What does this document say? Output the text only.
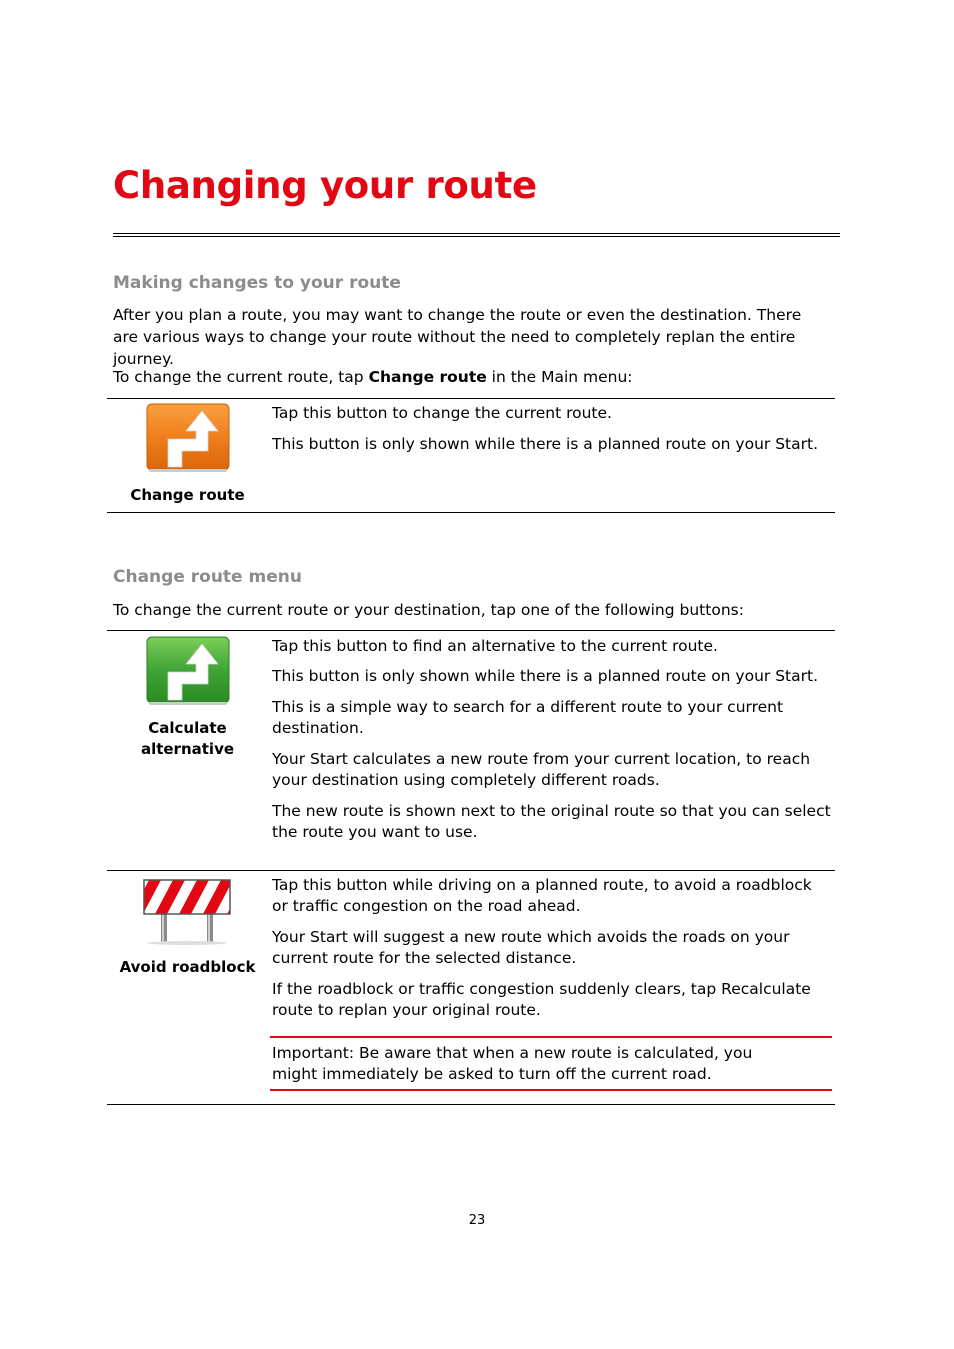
Changing your route
Making changes to your route

After you plan a route, you may want to change the route or even the destination. There are various ways to change your route without the need to completely replan the entire journey.

To change the current route, tap Change route in the Main menu:

Change route

Tap this button to change the current route.

This button is only shown while there is a planned route on your Start.

Change route menu

To change the current route or your destination, tap one of the following buttons:

Calculate alternative

Tap this button to find an alternative to the current route.

This button is only shown while there is a planned route on your Start.

This is a simple way to search for a different route to your current destination.

Your Start calculates a new route from your current location, to reach your destination using completely different roads.

The new route is shown next to the original route so that you can select the route you want to use.

Avoid roadblock

Tap this button while driving on a planned route, to avoid a roadblock or traffic congestion on the road ahead.

Your Start will suggest a new route which avoids the roads on your current route for the selected distance.

If the roadblock or traffic congestion suddenly clears, tap Recalculate route to replan your original route.

Important: Be aware that when a new route is calculated, you might immediately be asked to turn off the current road.

23
